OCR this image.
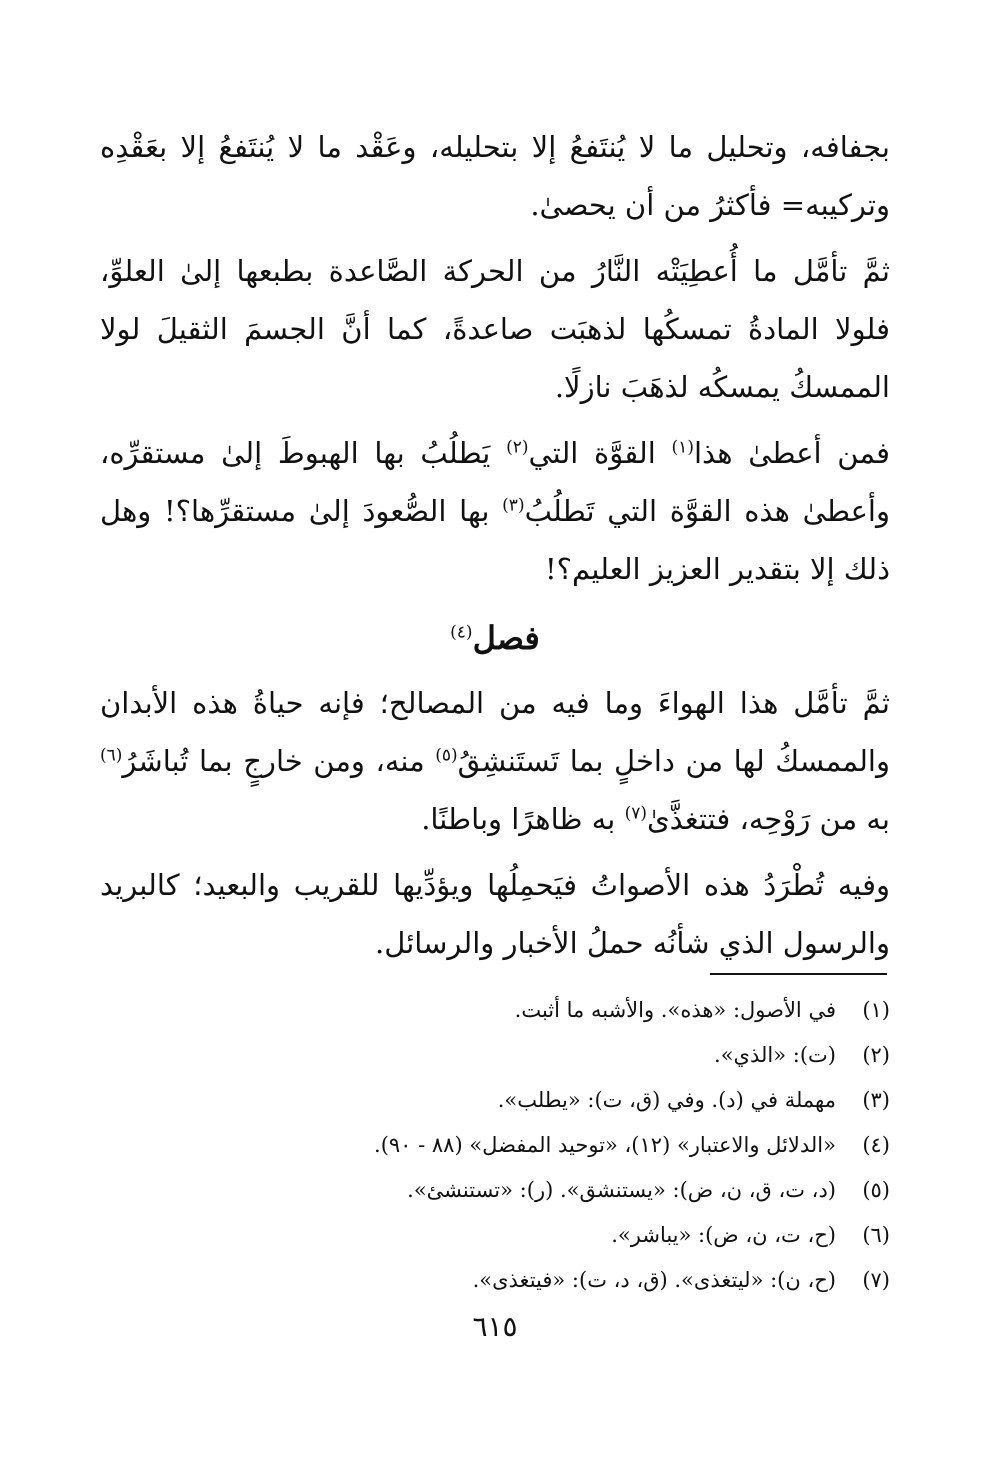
بجفافه، وتحليل ما لا يُنتَفعُ إلا بتحليله، وعَقْد ما لا يُنتَفعُ إلا بعَقْدِه وتركيبه= فأكثرُ من أن يحصىٰ.

ثمَّ تأمَّل ما أُعطِيَتْه النَّارُ من الحركة الصَّاعدة بطبعها إلىٰ العلوِّ، فلولا المادةُ تمسكُها لذهبَت صاعدةً، كما أنَّ الجسمَ الثقيلَ لولا الممسكُ يمسكُه لذهَبَ نازلًا.

فمن أعطىٰ هذا$^{(١)}$ القوَّة التي$^{(٢)}$ يَطلُبُ بها الهبوطَ إلىٰ مستقرِّه، وأعطىٰ هذه القوَّة التي تَطلُبُ$^{(٣)}$ بها الصُّعودَ إلىٰ مستقرِّها؟! وهل ذلك إلا بتقدير العزيز العليم؟!

فصل$^{(٤)}$

ثمَّ تأمَّل هذا الهواءَ وما فيه من المصالح؛ فإنه حياةُ هذه الأبدان والممسكُ لها من داخلٍ بما تَستَنشِقُ$^{(٥)}$ منه، ومن خارجٍ بما تُباشَرُ$^{(٦)}$ به من رَوْحِه، فتتغذَّىٰ$^{(٧)}$ به ظاهرًا وباطنًا.

وفيه تُطْرَدُ هذه الأصواتُ فيَحمِلُها ويؤدِّيها للقريب والبعيد؛ كالبريد والرسول الذي شأنُه حملُ الأخبار والرسائل.

(١)في الأصول: «هذه». والأشبه ما أثبت.
(٢)(ت): «الذي».
(٣)مهملة في (د). وفي (ق، ت): «يطلب».
(٤)«الدلائل والاعتبار» (١٢)، «توحيد المفضل» (٨٨ - ٩٠).
(٥)(د، ت، ق، ن، ض): «يستنشق». (ر): «تستنشئ».
(٦)(ح، ت، ن، ض): «يباشر».
(٧)(ح، ن): «ليتغذى». (ق، د، ت): «فيتغذى».
٦١٥
